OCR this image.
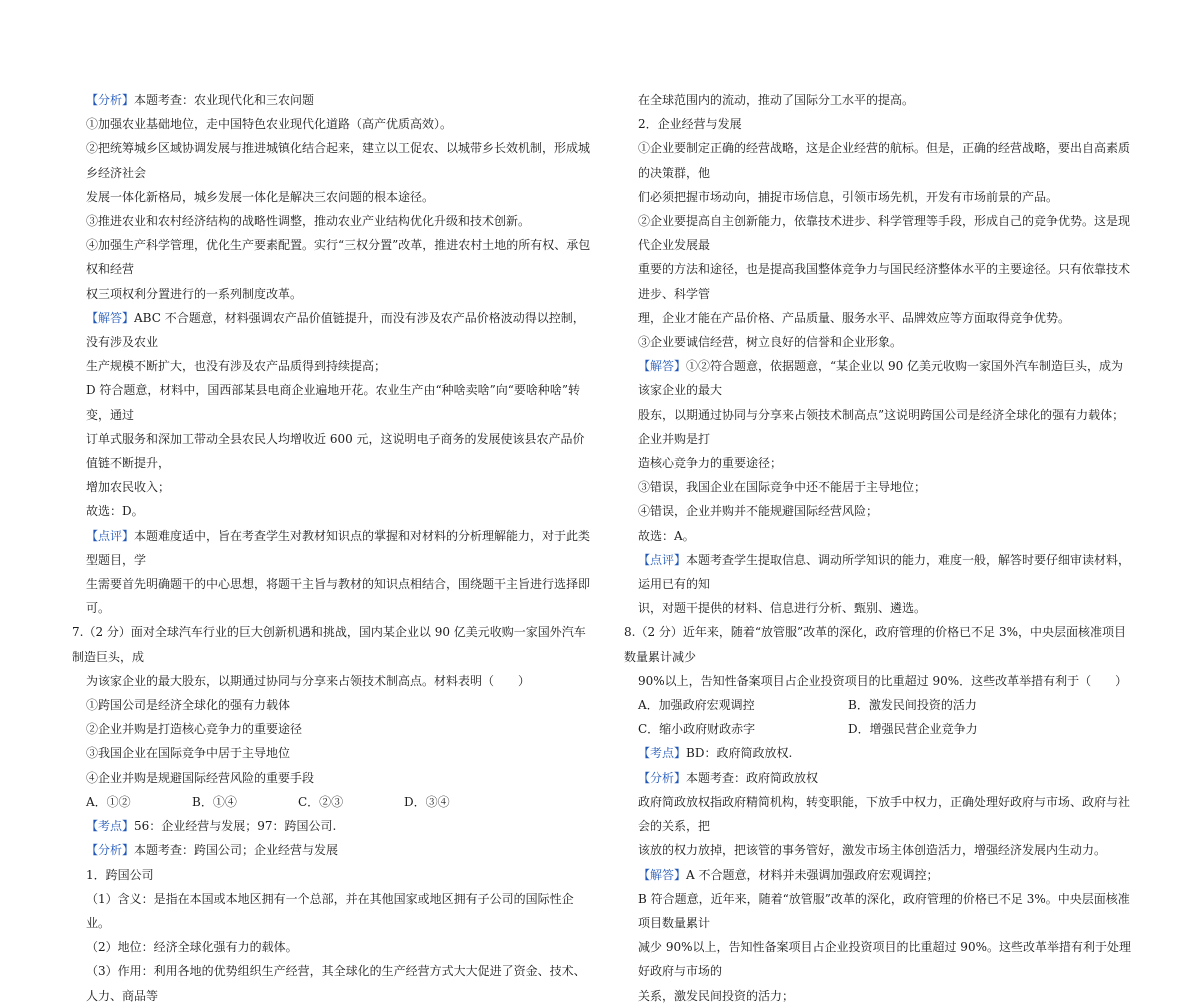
【分析】本题考查：农业现代化和三农问题

①加强农业基础地位，走中国特色农业现代化道路（高产优质高效）。

②把统筹城乡区域协调发展与推进城镇化结合起来，建立以工促农、以城带乡长效机制，形成城乡经济社会

发展一体化新格局，城乡发展一体化是解决三农问题的根本途径。

③推进农业和农村经济结构的战略性调整，推动农业产业结构优化升级和技术创新。

④加强生产科学管理，优化生产要素配置。实行“三权分置”改革，推进农村土地的所有权、承包权和经营

权三项权利分置进行的一系列制度改革。

【解答】ABC 不合题意，材料强调农产品价值链提升，而没有涉及农产品价格波动得以控制，没有涉及农业

生产规模不断扩大，也没有涉及农产品质得到持续提高；

D 符合题意，材料中，国西部某县电商企业遍地开花。农业生产由“种啥卖啥”向“要啥种啥”转变，通过

订单式服务和深加工带动全县农民人均增收近 600 元，这说明电子商务的发展使该县农产品价值链不断提升，

增加农民收入；

故选：D。

【点评】本题难度适中，旨在考查学生对教材知识点的掌握和对材料的分析理解能力，对于此类型题目，学

生需要首先明确题干的中心思想，将题干主旨与教材的知识点相结合，围绕题干主旨进行选择即可。

7.（2 分）面对全球汽车行业的巨大创新机遇和挑战，国内某企业以 90 亿美元收购一家国外汽车制造巨头，成

为该家企业的最大股东，以期通过协同与分享来占领技术制高点。材料表明（　　）

①跨国公司是经济全球化的强有力载体

②企业并购是打造核心竞争力的重要途径

③我国企业在国际竞争中居于主导地位

④企业并购是规避国际经营风险的重要手段

A．①②	B．①④	C．②③	D．③④

【考点】56：企业经营与发展；97：跨国公司.

【分析】本题考查：跨国公司；企业经营与发展

1．跨国公司

（1）含义：是指在本国或本地区拥有一个总部，并在其他国家或地区拥有子公司的国际性企业。

（2）地位：经济全球化强有力的载体。

（3）作用：利用各地的优势组织生产经营，其全球化的生产经营方式大大促进了资金、技术、人力、商品等

在全球范围内的流动，推动了国际分工水平的提高。

2．企业经营与发展

①企业要制定正确的经营战略，这是企业经营的航标。但是，正确的经营战略，要出自高素质的决策群，他

们必须把握市场动向，捕捉市场信息，引领市场先机，开发有市场前景的产品。

②企业要提高自主创新能力，依靠技术进步、科学管理等手段，形成自己的竞争优势。这是现代企业发展最

重要的方法和途径，也是提高我国整体竞争力与国民经济整体水平的主要途径。只有依靠技术进步、科学管

理，企业才能在产品价格、产品质量、服务水平、品牌效应等方面取得竞争优势。

③企业要诚信经营，树立良好的信誉和企业形象。

【解答】①②符合题意，依据题意，“某企业以 90 亿美元收购一家国外汽车制造巨头，成为该家企业的最大

股东，以期通过协同与分享来占领技术制高点”这说明跨国公司是经济全球化的强有力载体；企业并购是打

造核心竞争力的重要途径；

③错误，我国企业在国际竞争中还不能居于主导地位；

④错误，企业并购并不能规避国际经营风险；

故选：A。

【点评】本题考查学生提取信息、调动所学知识的能力，难度一般，解答时要仔细审读材料，运用已有的知

识，对题干提供的材料、信息进行分析、甄别、遴选。

8.（2 分）近年来，随着“放管服”改革的深化，政府管理的价格已不足 3%，中央层面核准项目数量累计减少

90%以上，告知性备案项目占企业投资项目的比重超过 90%．这些改革举措有利于（　　）

A．加强政府宏观调控	B．激发民间投资的活力
C．缩小政府财政赤字	D．增强民营企业竞争力

【考点】BD：政府简政放权.

【分析】本题考查：政府简政放权

政府简政放权指政府精简机构，转变职能，下放手中权力，正确处理好政府与市场、政府与社会的关系，把

该放的权力放掉，把该管的事务管好，激发市场主体创造活力，增强经济发展内生动力。

【解答】A 不合题意，材料并未强调加强政府宏观调控；

B 符合题意，近年来，随着“放管服”改革的深化，政府管理的价格已不足 3%。中央层面核准项目数量累计

减少 90%以上，告知性备案项目占企业投资项目的比重超过 90%。这些改革举措有利于处理好政府与市场的

关系，激发民间投资的活力；
